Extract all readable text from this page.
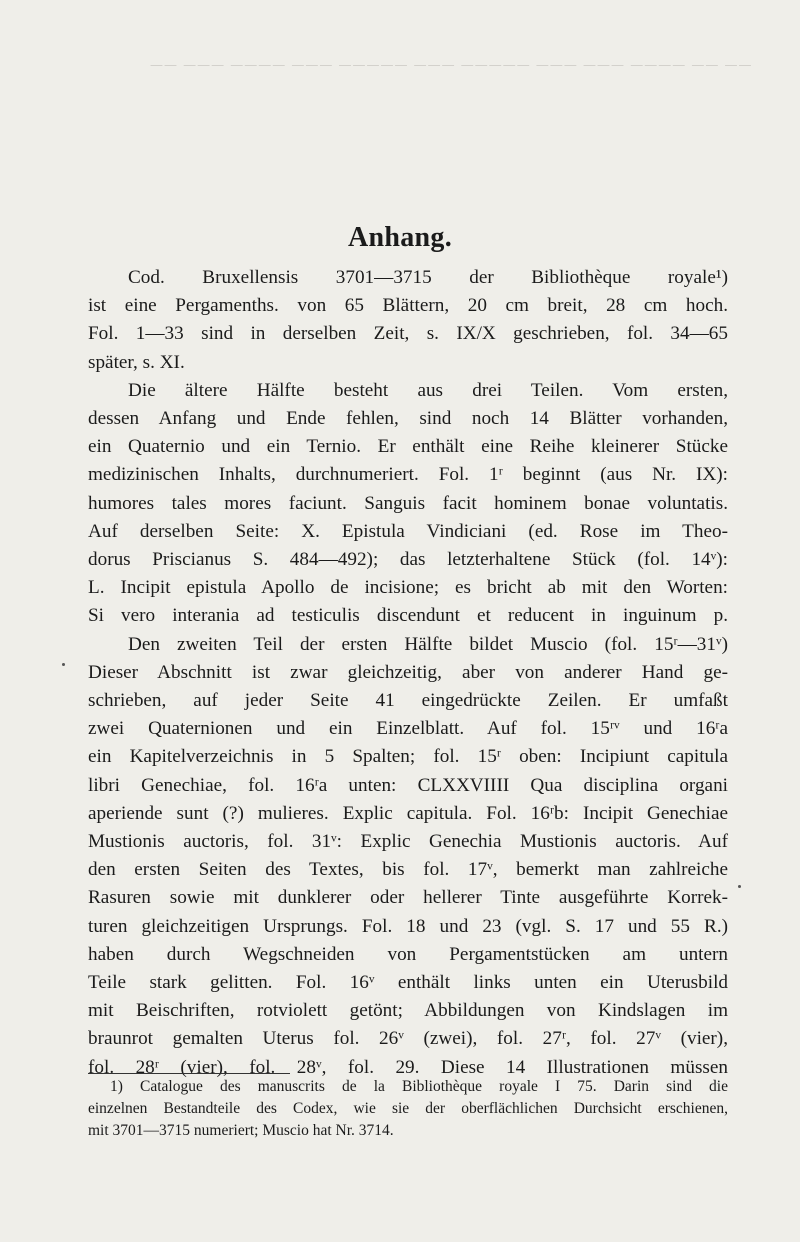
—— ——— ———— ——— ————— ——— ————— ——— ——— ———— —— ——
Anhang.

Cod. Bruxellensis 3701—3715 der Bibliothèque royale¹)

ist eine Pergamenths. von 65 Blättern, 20 cm breit, 28 cm hoch.

Fol. 1—33 sind in derselben Zeit, s. IX/X geschrieben, fol. 34—65

später, s. XI.

Die ältere Hälfte besteht aus drei Teilen. Vom ersten,

dessen Anfang und Ende fehlen, sind noch 14 Blätter vorhanden,

ein Quaternio und ein Ternio. Er enthält eine Reihe kleinerer Stücke

medizinischen Inhalts, durchnumeriert. Fol. 1ʳ beginnt (aus Nr. IX):

humores tales mores faciunt. Sanguis facit hominem bonae voluntatis.

Auf derselben Seite: X. Epistula Vindiciani (ed. Rose im Theo-

dorus Priscianus S. 484—492); das letzterhaltene Stück (fol. 14ᵛ):

L. Incipit epistula Apollo de incisione; es bricht ab mit den Worten:

Si vero interania ad testiculis discendunt et reducent in inguinum p.

Den zweiten Teil der ersten Hälfte bildet Muscio (fol. 15ʳ—31ᵛ)

Dieser Abschnitt ist zwar gleichzeitig, aber von anderer Hand ge-

schrieben, auf jeder Seite 41 eingedrückte Zeilen. Er umfaßt

zwei Quaternionen und ein Einzelblatt. Auf fol. 15ʳᵛ und 16ʳa

ein Kapitelverzeichnis in 5 Spalten; fol. 15ʳ oben: Incipiunt capitula

libri Genechiae, fol. 16ʳa unten: CLXXVIIII Qua disciplina organi

aperiende sunt (?) mulieres. Explic capitula. Fol. 16ʳb: Incipit Genechiae

Mustionis auctoris, fol. 31ᵛ: Explic Genechia Mustionis auctoris. Auf

den ersten Seiten des Textes, bis fol. 17ᵛ, bemerkt man zahlreiche

Rasuren sowie mit dunklerer oder hellerer Tinte ausgeführte Korrek-

turen gleichzeitigen Ursprungs. Fol. 18 und 23 (vgl. S. 17 und 55 R.)

haben durch Wegschneiden von Pergamentstücken am untern

Teile stark gelitten. Fol. 16ᵛ enthält links unten ein Uterusbild

mit Beischriften, rotviolett getönt; Abbildungen von Kindslagen im

braunrot gemalten Uterus fol. 26ᵛ (zwei), fol. 27ʳ, fol. 27ᵛ (vier),

fol. 28ʳ (vier), fol. 28ᵛ, fol. 29. Diese 14 Illustrationen müssen

1) Catalogue des manuscrits de la Bibliothèque royale I 75. Darin sind die

einzelnen Bestandteile des Codex, wie sie der oberflächlichen Durchsicht erschienen,

mit 3701—3715 numeriert; Muscio hat Nr. 3714.
